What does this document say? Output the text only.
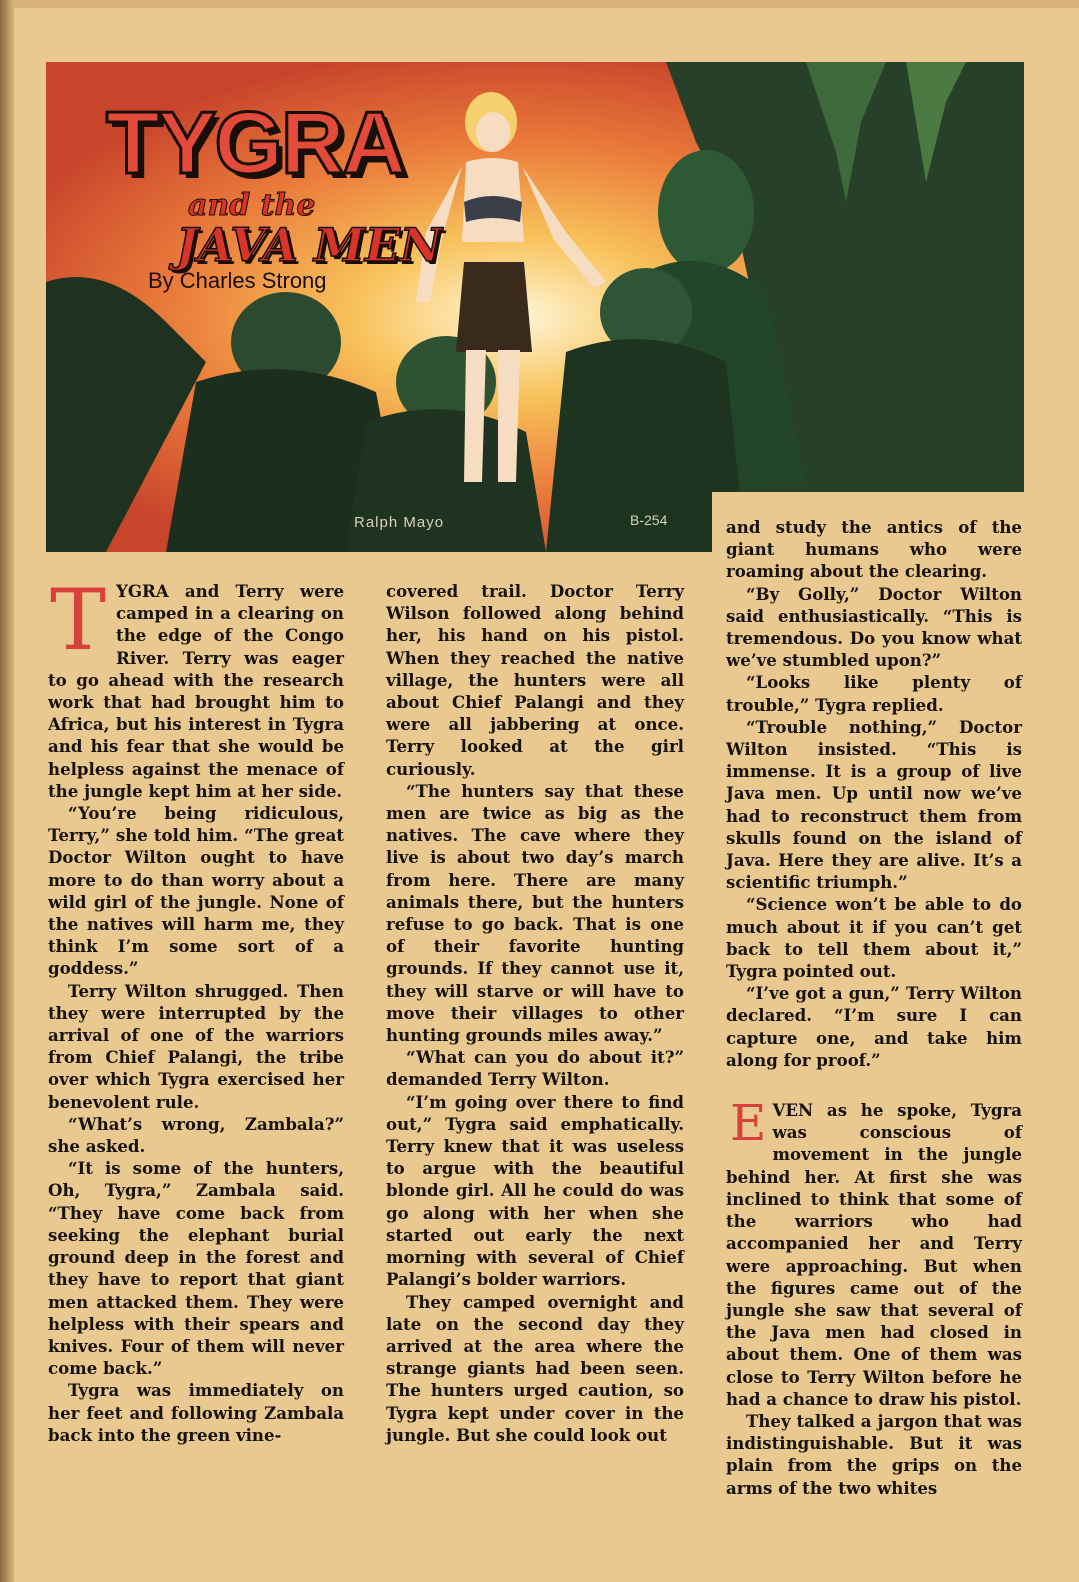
TYGRA
and the
JAVA MEN
By Charles Strong
Ralph Mayo	B-254

TYGRA and Terry were camped in a clearing on the edge of the Congo River. Terry was eager to go ahead with the research work that had brought him to Africa, but his interest in Tygra and his fear that she would be helpless against the menace of the jungle kept him at her side.

“You’re being ridiculous, Terry,” she told him. “The great Doctor Wilton ought to have more to do than worry about a wild girl of the jungle. None of the natives will harm me, they think I’m some sort of a goddess.”

Terry Wilton shrugged. Then they were interrupted by the arrival of one of the warriors from Chief Palangi, the tribe over which Tygra exercised her benevolent rule.

“What’s wrong, Zambala?” she asked.

“It is some of the hunters, Oh, Tygra,” Zambala said. “They have come back from seeking the elephant burial ground deep in the forest and they have to report that giant men attacked them. They were helpless with their spears and knives. Four of them will never come back.”

Tygra was immediately on her feet and following Zambala back into the green vine-

covered trail. Doctor Terry Wilson followed along behind her, his hand on his pistol. When they reached the native village, the hunters were all about Chief Palangi and they were all jabbering at once. Terry looked at the girl curiously.

“The hunters say that these men are twice as big as the natives. The cave where they live is about two day’s march from here. There are many animals there, but the hunters refuse to go back. That is one of their favorite hunting grounds. If they cannot use it, they will starve or will have to move their villages to other hunting grounds miles away.”

“What can you do about it?” demanded Terry Wilton.

“I’m going over there to find out,” Tygra said emphatically. Terry knew that it was useless to argue with the beautiful blonde girl. All he could do was go along with her when she started out early the next morning with several of Chief Palangi’s bolder warriors.

They camped overnight and late on the second day they arrived at the area where the strange giants had been seen. The hunters urged caution, so Tygra kept under cover in the jungle. But she could look out

and study the antics of the giant humans who were roaming about the clearing.

“By Golly,” Doctor Wilton said enthusiastically. “This is tremendous. Do you know what we’ve stumbled upon?”

“Looks like plenty of trouble,” Tygra replied.

“Trouble nothing,” Doctor Wilton insisted. “This is immense. It is a group of live Java men. Up until now we’ve had to reconstruct them from skulls found on the island of Java. Here they are alive. It’s a scientific triumph.”

“Science won’t be able to do much about it if you can’t get back to tell them about it,” Tygra pointed out.

“I’ve got a gun,” Terry Wilton declared. “I’m sure I can capture one, and take him along for proof.”

EVEN as he spoke, Tygra was conscious of movement in the jungle behind her. At first she was inclined to think that some of the warriors who had accompanied her and Terry were approaching. But when the figures came out of the jungle she saw that several of the Java men had closed in about them. One of them was close to Terry Wilton before he had a chance to draw his pistol.

They talked a jargon that was indistinguishable. But it was plain from the grips on the arms of the two whites
